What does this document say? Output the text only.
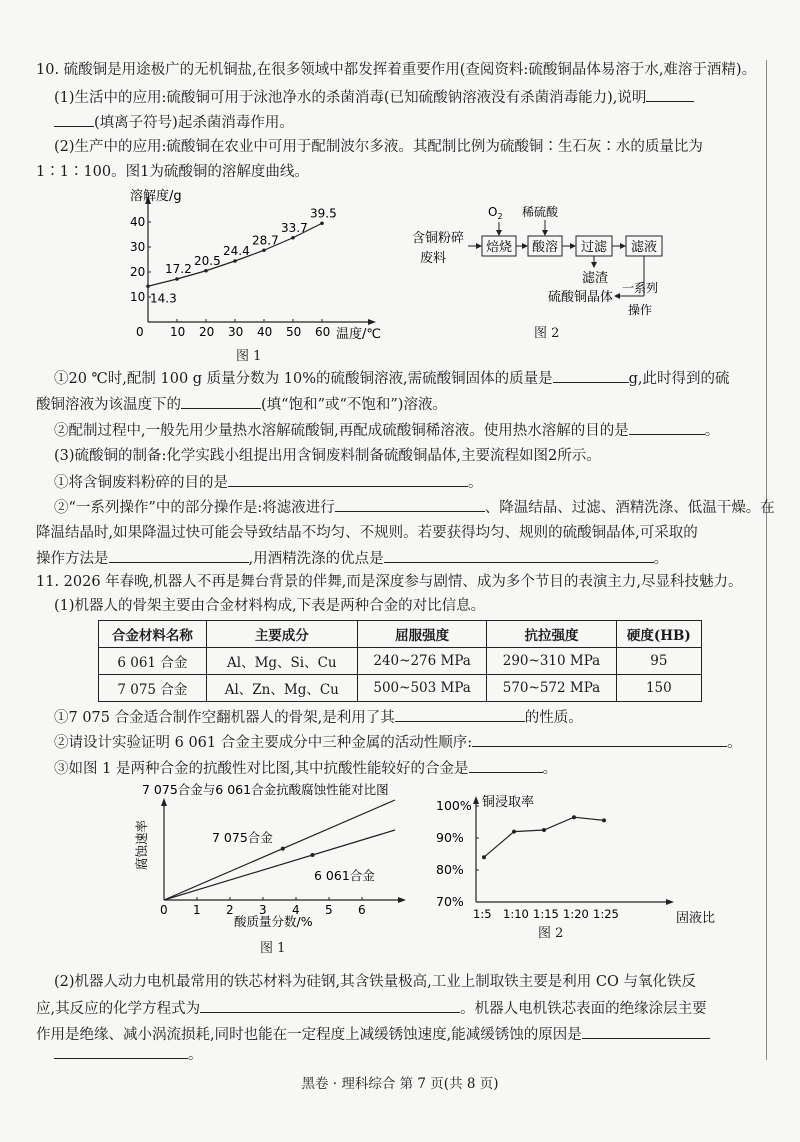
10. 硫酸铜是用途极广的无机铜盐,在很多领域中都发挥着重要作用(查阅资料:硫酸铜晶体易溶于水,难溶于酒精)。
(1)生活中的应用:硫酸铜可用于泳池净水的杀菌消毒(已知硫酸钠溶液没有杀菌消毒能力),说明
(填离子符号)起杀菌消毒作用。
(2)生产中的应用:硫酸铜在农业中可用于配制波尔多液。其配制比例为硫酸铜∶生石灰∶水的质量比为
1∶1∶100。图1为硫酸铜的溶解度曲线。
溶解度/g
温度/℃
0 10 20 30 40 50 60
10
20
30
40
14.3
17.2
20.5
24.4
28.7
33.7
39.5
图 1
含铜粉碎
废料
焙烧
$O_2$
酸溶
稀硫酸
过滤 滤液
滤渣
硫酸铜晶体
一系列
操作
图 2
①20 ℃时,配制 100 g 质量分数为 10%的硫酸铜溶液,需硫酸铜固体的质量是	g,此时得到的硫
酸铜溶液为该温度下的	(填“饱和”或“不饱和”)溶液。
②配制过程中,一般先用少量热水溶解硫酸铜,再配成硫酸铜稀溶液。使用热水溶解的目的是	。
(3)硫酸铜的制备:化学实践小组提出用含铜废料制备硫酸铜晶体,主要流程如图2所示。
①将含铜废料粉碎的目的是	。
②“一系列操作”中的部分操作是:将滤液进行	、降温结晶、过滤、酒精洗涤、低温干燥。在
降温结晶时,如果降温过快可能会导致结晶不均匀、不规则。若要获得均匀、规则的硫酸铜晶体,可采取的
操作方法是	,用酒精洗涤的优点是	。
11. 2026 年春晚,机器人不再是舞台背景的伴舞,而是深度参与剧情、成为多个节目的表演主力,尽显科技魅力。
(1)机器人的骨架主要由合金材料构成,下表是两种合金的对比信息。
合金材料名称	主要成分	屈服强度	抗拉强度	硬度(HB)
6 061 合金	Al、Mg、Si、Cu	240~276 MPa	290~310 MPa	95
7 075 合金	Al、Zn、Mg、Cu	500~503 MPa	570~572 MPa	150
①7 075 合金适合制作空翻机器人的骨架,是利用了其	的性质。
②请设计实验证明 6 061 合金主要成分中三种金属的活动性顺序:	。
③如图 1 是两种合金的抗酸性对比图,其中抗酸性能较好的合金是	。
7 075合金与6 061合金抗酸腐蚀性能对比图
腐蚀速率
酸质量分数/%
0 1 2 3 4 5 6
7 075合金
6 061合金
图 1
铜浸取率
固液比
70%
80%
90%
100%
1:5 1:10 1:15 1:20 1:25
图 2
(2)机器人动力电机最常用的铁芯材料为硅钢,其含铁量极高,工业上制取铁主要是利用 CO 与氧化铁反
应,其反应的化学方程式为	。机器人电机铁芯表面的绝缘涂层主要
作用是绝缘、减小涡流损耗,同时也能在一定程度上减缓锈蚀速度,能减缓锈蚀的原因是
。
黑卷 · 理科综合 第 7 页(共 8 页)
